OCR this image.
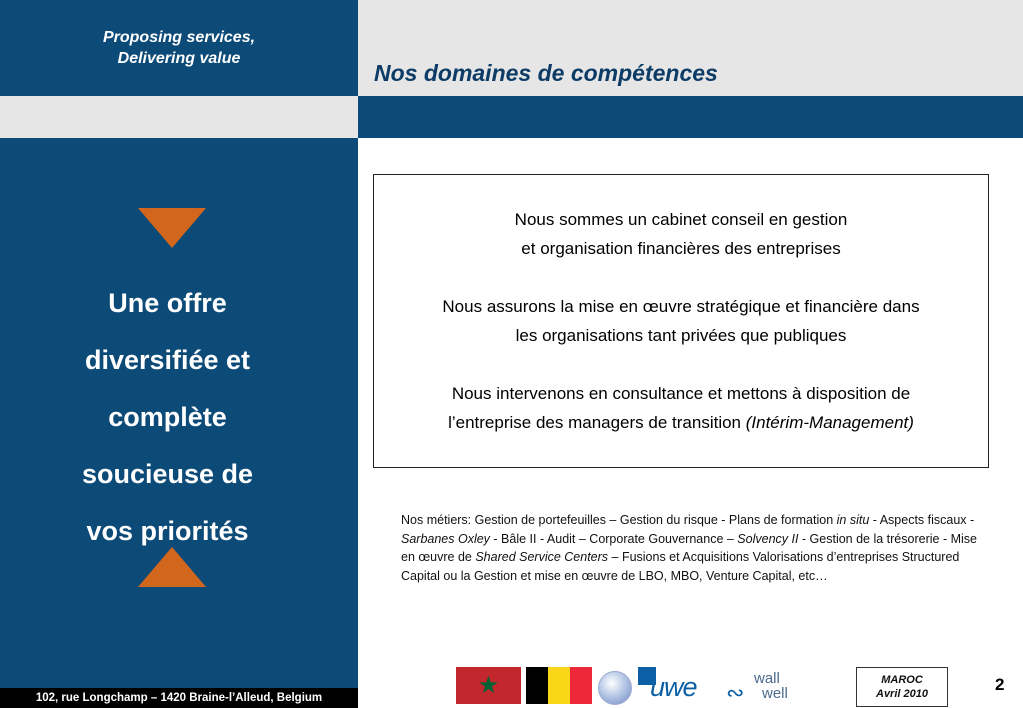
Proposing services,
Delivering value
Une offre
diversifiée et
complète
soucieuse de
vos priorités
102, rue Longchamp – 1420 Braine-l’Alleud, Belgium
Nos domaines de compétences

Nous sommes un cabinet conseil en gestion
et organisation financières des entreprises

Nous assurons la mise en œuvre stratégique et financière dans
les organisations tant privées que publiques

Nous intervenons en consultance et mettons à disposition de
l’entreprise des managers de transition (Intérim-Management)

Nos métiers: Gestion de portefeuilles – Gestion du risque - Plans de formation in situ - Aspects fiscaux - Sarbanes Oxley - Bâle II - Audit – Corporate Gouvernance – Solvency II - Gestion de la trésorerie - Mise en œuvre de Shared Service Centers – Fusions et Acquisitions Valorisations d’entreprises Structured Capital ou la Gestion et mise en œuvre de LBO, MBO, Venture Capital, etc…
★	uwe ∾
wall
well
MAROC
Avril 2010	2
